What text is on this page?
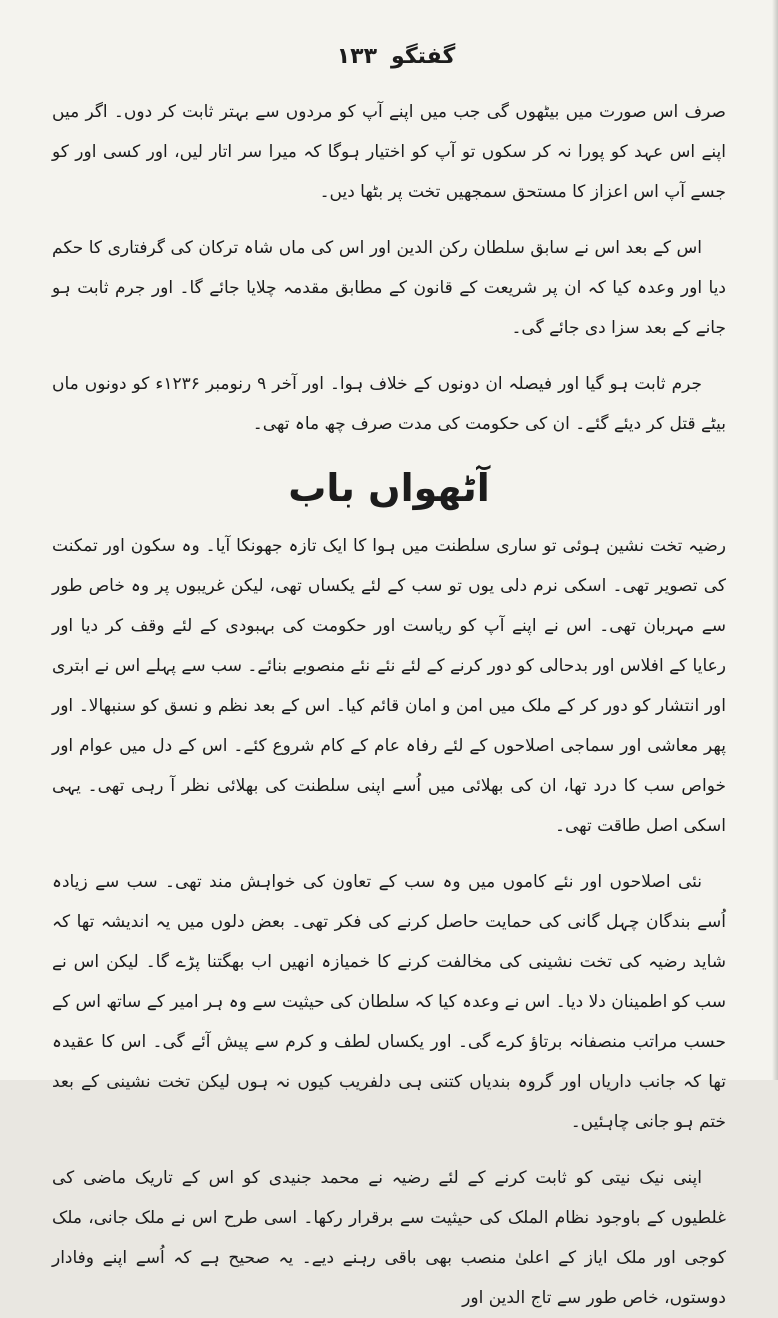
گفتگو۱۳۳

صرف اس صورت میں بیٹھوں گی جب میں اپنے آپ کو مردوں سے بہتر ثابت کر دوں۔ اگر میں اپنے اس عہد کو پورا نہ کر سکوں تو آپ کو اختیار ہوگا کہ میرا سر اتار لیں، اور کسی اور کو جسے آپ اس اعزاز کا مستحق سمجھیں تخت پر بٹھا دیں۔

اس کے بعد اس نے سابق سلطان رکن الدین اور اس کی ماں شاہ ترکان کی گرفتاری کا حکم دیا اور وعدہ کیا کہ ان پر شریعت کے قانون کے مطابق مقدمہ چلایا جائے گا۔ اور جرم ثابت ہو جانے کے بعد سزا دی جائے گی۔

جرم ثابت ہو گیا اور فیصلہ ان دونوں کے خلاف ہوا۔ اور آخر ۹ رنومبر ۱۲۳۶ء کو دونوں ماں بیٹے قتل کر دیئے گئے۔ ان کی حکومت کی مدت صرف چھ ماہ تھی۔

آٹھواں باب

رضیہ تخت نشین ہوئی تو ساری سلطنت میں ہوا کا ایک تازہ جھونکا آیا۔ وہ سکون اور تمکنت کی تصویر تھی۔ اسکی نرم دلی یوں تو سب کے لئے یکساں تھی، لیکن غریبوں پر وہ خاص طور سے مہربان تھی۔ اس نے اپنے آپ کو ریاست اور حکومت کی بہبودی کے لئے وقف کر دیا اور رعایا کے افلاس اور بدحالی کو دور کرنے کے لئے نئے نئے منصوبے بنائے۔ سب سے پہلے اس نے ابتری اور انتشار کو دور کر کے ملک میں امن و امان قائم کیا۔ اس کے بعد نظم و نسق کو سنبھالا۔ اور پھر معاشی اور سماجی اصلاحوں کے لئے رفاہ عام کے کام شروع کئے۔ اس کے دل میں عوام اور خواص سب کا درد تھا، ان کی بھلائی میں اُسے اپنی سلطنت کی بھلائی نظر آ رہی تھی۔ یہی اسکی اصل طاقت تھی۔

نئی اصلاحوں اور نئے کاموں میں وہ سب کے تعاون کی خواہش مند تھی۔ سب سے زیادہ اُسے بندگان چہل گانی کی حمایت حاصل کرنے کی فکر تھی۔ بعض دلوں میں یہ اندیشہ تھا کہ شاید رضیہ کی تخت نشینی کی مخالفت کرنے کا خمیازہ انھیں اب بھگتنا پڑے گا۔ لیکن اس نے سب کو اطمینان دلا دیا۔ اس نے وعدہ کیا کہ سلطان کی حیثیت سے وہ ہر امیر کے ساتھ اس کے حسب مراتب منصفانہ برتاؤ کرے گی۔ اور یکساں لطف و کرم سے پیش آئے گی۔ اس کا عقیدہ تھا کہ جانب داریاں اور گروہ بندیاں کتنی ہی دلفریب کیوں نہ ہوں لیکن تخت نشینی کے بعد ختم ہو جانی چاہئیں۔

اپنی نیک نیتی کو ثابت کرنے کے لئے رضیہ نے محمد جنیدی کو اس کے تاریک ماضی کی غلطیوں کے باوجود نظام الملک کی حیثیت سے برقرار رکھا۔ اسی طرح اس نے ملک جانی، ملک کوجی اور ملک ایاز کے اعلیٰ منصب بھی باقی رہنے دیے۔ یہ صحیح ہے کہ اُسے اپنے وفادار دوستوں، خاص طور سے تاج الدین اور
